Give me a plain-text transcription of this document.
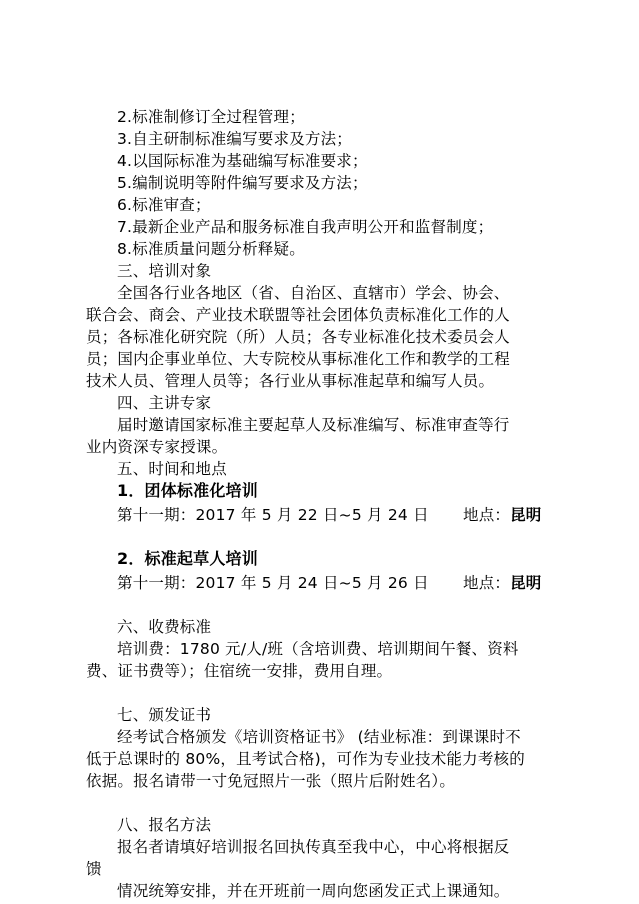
2.标准制修订全过程管理；
3.自主研制标准编写要求及方法；
4.以国际标准为基础编写标准要求；
5.编制说明等附件编写要求及方法；
6.标准审查；
7.最新企业产品和服务标准自我声明公开和监督制度；
8.标准质量问题分析释疑。
三、培训对象
全国各行业各地区（省、自治区、直辖市）学会、协会、
联合会、商会、产业技术联盟等社会团体负责标准化工作的人
员；各标准化研究院（所）人员；各专业标准化技术委员会人
员；国内企事业单位、大专院校从事标准化工作和教学的工程
技术人员、管理人员等；各行业从事标准起草和编写人员。
四、主讲专家
届时邀请国家标准主要起草人及标准编写、标准审查等行
业内资深专家授课。
五、时间和地点
1．团体标准化培训
第十一期：2017 年 5 月 22 日~5 月 24 日 地点：昆明
2．标准起草人培训
第十一期：2017 年 5 月 24 日~5 月 26 日 地点：昆明
六、收费标准
培训费：1780 元/人/班（含培训费、培训期间午餐、资料
费、证书费等）；住宿统一安排，费用自理。
七、颁发证书
经考试合格颁发《培训资格证书》 (结业标准：到课课时不
低于总课时的 80%，且考试合格)，可作为专业技术能力考核的
依据。报名请带一寸免冠照片一张（照片后附姓名）。
八、报名方法
报名者请填好培训报名回执传真至我中心，中心将根据反
馈
情况统筹安排，并在开班前一周向您函发正式上课通知。
